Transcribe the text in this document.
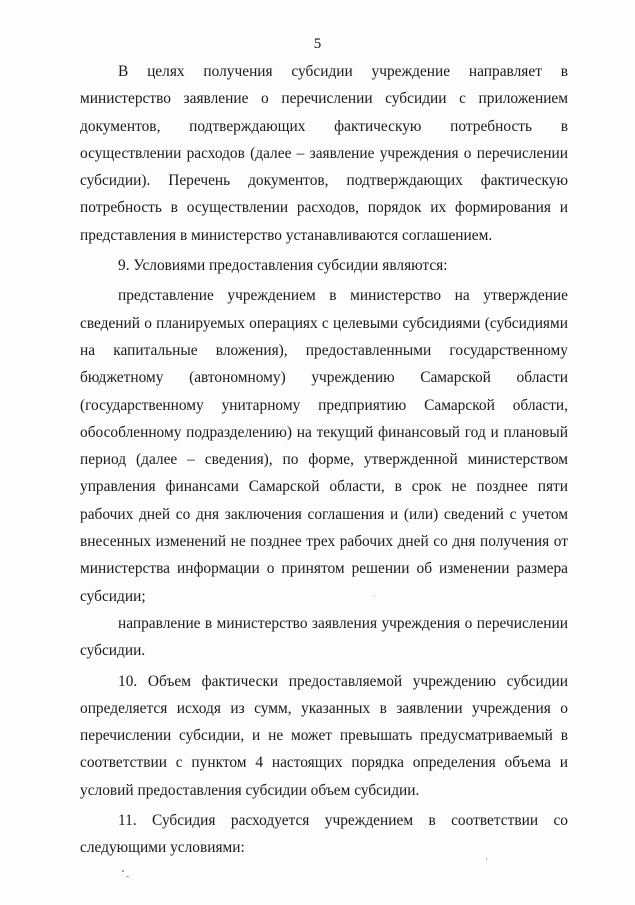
5

В целях получения субсидии учреждение направляет в министерство заявление о перечислении субсидии с приложением документов, подтверждающих фактическую потребность в осуществлении расходов (далее – заявление учреждения о перечислении субсидии). Перечень документов, подтверждающих фактическую потребность в осуществлении расходов, порядок их формирования и представления в министерство устанавливаются соглашением.

9. Условиями предоставления субсидии являются:

представление учреждением в министерство на утверждение сведений о планируемых операциях с целевыми субсидиями (субсидиями на капитальные вложения), предоставленными государственному бюджетному (автономному) учреждению Самарской области (государственному унитарному предприятию Самарской области, обособленному подразделению) на текущий финансовый год и плановый период (далее – сведения), по форме, утвержденной министерством управления финансами Самарской области, в срок не позднее пяти рабочих дней со дня заключения соглашения и (или) сведений с учетом внесенных изменений не позднее трех рабочих дней со дня получения от министерства информации о принятом решении об изменении размера субсидии;

направление в министерство заявления учреждения о перечислении субсидии.

10. Объем фактически предоставляемой учреждению субсидии определяется исходя из сумм, указанных в заявлении учреждения о перечислении субсидии, и не может превышать предусматриваемый в соответствии с пунктом 4 настоящих порядка определения объема и условий предоставления субсидии объем субсидии.

11. Субсидия расходуется учреждением в соответствии со следующими условиями:
